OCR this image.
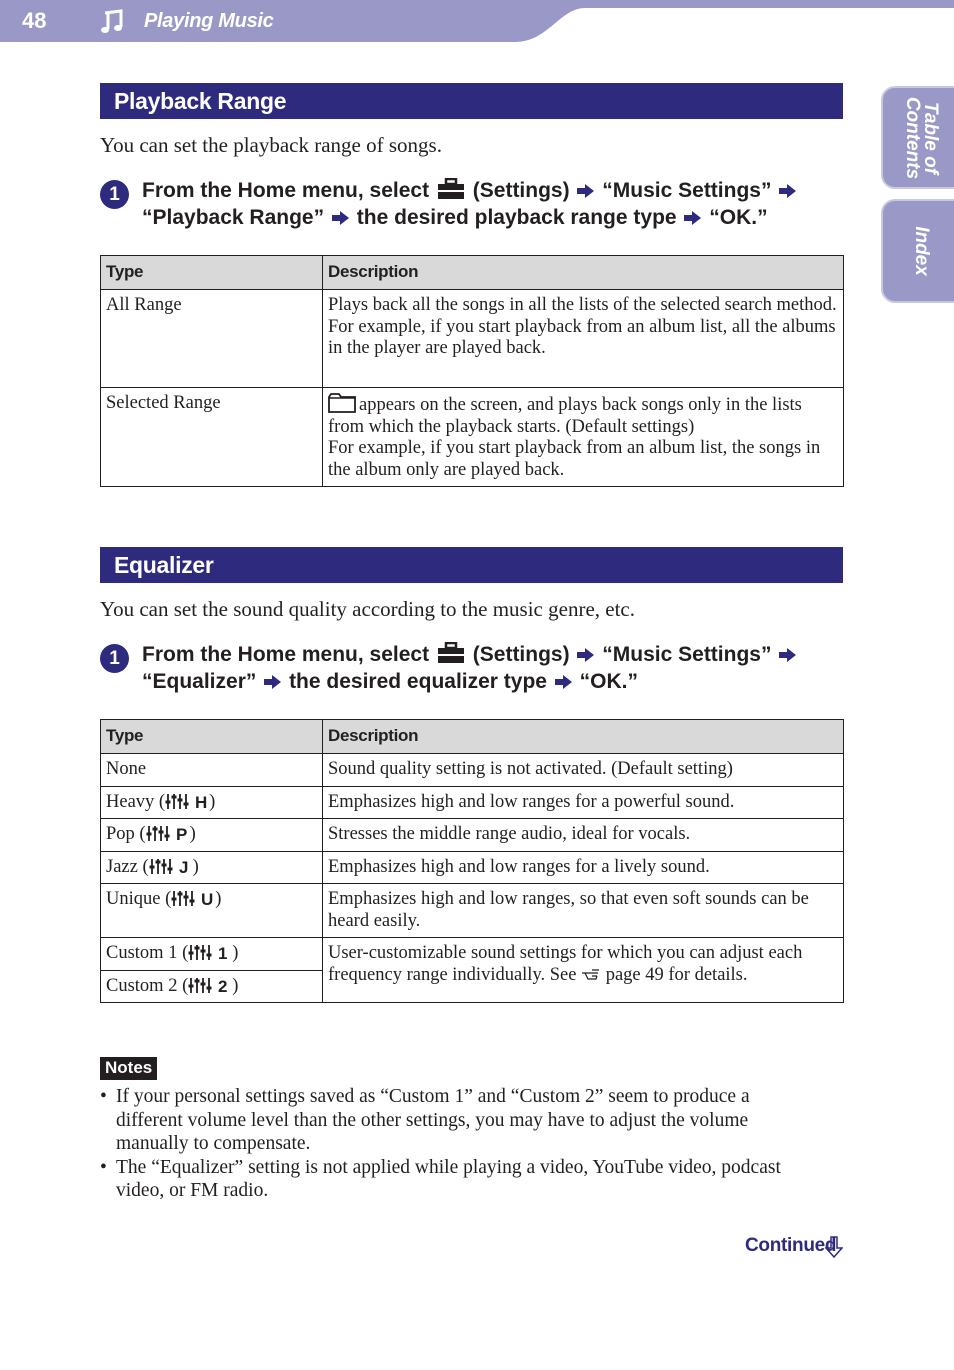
48	Playing Music
Table of
Contents
Index
Playback Range
You can set the playback range of songs.
1	From the Home menu, select (Settings) “Music Settings”  “Playback Range” the desired playback range type “OK.”
Type	Description
All Range	Plays back all the songs in all the lists of the selected search method.
For example, if you start playback from an album list, all the albums in the player are played back.

Selected Range	appears on the screen, and plays back songs only in the lists from which the playback starts. (Default settings)
For example, if you start playback from an album list, the songs in the album only are played back.
Equalizer
You can set the sound quality according to the music genre, etc.
1	From the Home menu, select (Settings) “Music Settings”  “Equalizer” the desired equalizer type “OK.”
Type	Description
None	Sound quality setting is not activated. (Default setting)
Heavy ( H )	Emphasizes high and low ranges for a powerful sound.
Pop ( P )	Stresses the middle range audio, ideal for vocals.
Jazz ( J )	Emphasizes high and low ranges for a lively sound.
Unique ( U )	Emphasizes high and low ranges, so that even soft sounds can be heard easily.
Custom 1 ( 1 )	User-customizable sound settings for which you can adjust each frequency range individually. See page 49 for details.
Custom 2 ( 2 )	
Notes
• If your personal settings saved as “Custom 1” and “Custom 2” seem to produce a different volume level than the other settings, you may have to adjust the volume manually to compensate.
• The “Equalizer” setting is not applied while playing a video, YouTube video, podcast video, or FM radio.
Continued
